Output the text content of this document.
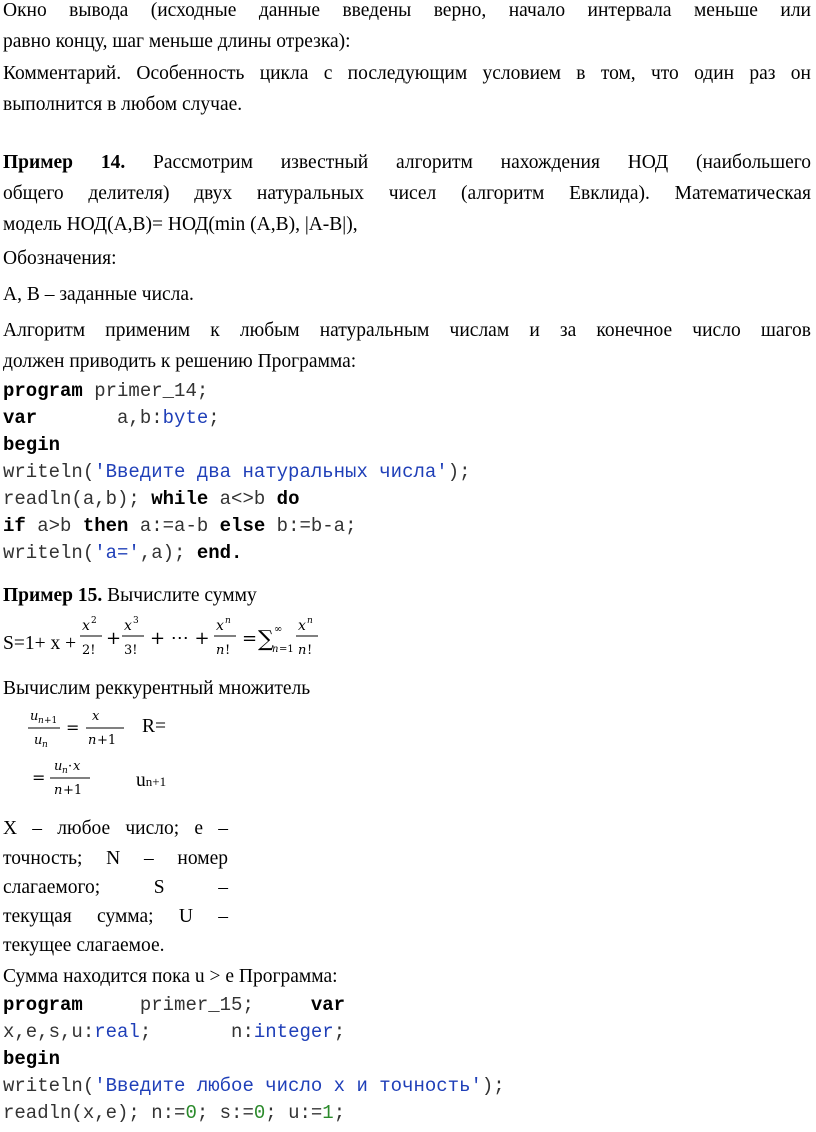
Окно вывода (исходные данные введены верно, начало интервала меньше или
равно концу, шаг меньше длины отрезка):
Комментарий. Особенность цикла с последующим условием в том, что один раз он
выполнится в любом случае.
Пример 14. Рассмотрим известный алгоритм нахождения НОД (наибольшего
общего делителя) двух натуральных чисел (алгоритм Евклида). Математическая
модель НОД(A,B)= НОД(min (A,B), |A-B|),
Обозначения:
A, B – заданные числа.
Алгоритм применим к любым натуральным числам и за конечное число шагов
должен приводить к решению Программа:
program primer_14;
var       a,b:byte;
begin
writeln('Введите два натуральных числа');
readln(a,b); while a<>b do
if a>b then a:=a-b else b:=b-a;
writeln('a=',a); end.
Пример 15. Вычислите сумму
S=1+ x +
x 2
2!
+
x 3
3!
+ ⋯ +
x n
n !
= ∑ ∞
n =1
x n
n !
Вычислим реккурентный множитель
u n +1
u n
=
x
n +1
R=
=
u n · x
n +1	un+1
X – любое число; e –
точность; N – номер
слагаемого; S –
текущая сумма; U –
текущее слагаемое.
Сумма находится пока u > e Программа:
program     primer_15;     var
x,e,s,u:real;       n:integer;
begin
writeln('Введите любое число x и точность');
readln(x,e); n:=0; s:=0; u:=1;
